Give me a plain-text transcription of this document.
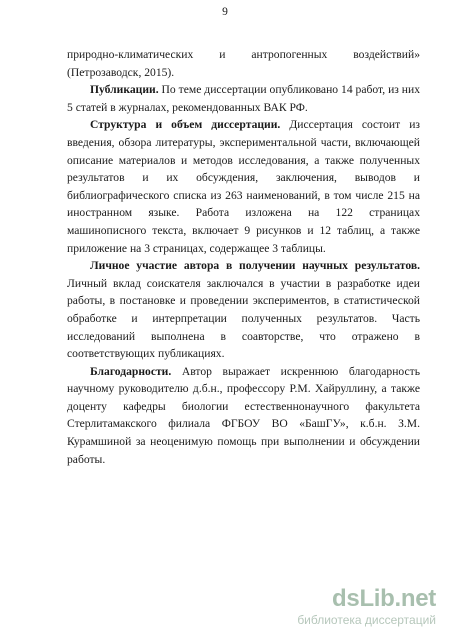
9

природно-климатических и антропогенных воздействий» (Петрозаводск, 2015).

Публикации. По теме диссертации опубликовано 14 работ, из них 5 статей в журналах, рекомендованных ВАК РФ.

Структура и объем диссертации. Диссертация состоит из введения, обзора литературы, экспериментальной части, включающей описание материалов и методов исследования, а также полученных результатов и их обсуждения, заключения, выводов и библиографического списка из 263 наименований, в том числе 215 на иностранном языке. Работа изложена на 122 страницах машинописного текста, включает 9 рисунков и 12 таблиц, а также приложение на 3 страницах, содержащее 3 таблицы.

Личное участие автора в получении научных результатов. Личный вклад соискателя заключался в участии в разработке идеи работы, в постановке и проведении экспериментов, в статистической обработке и интерпретации полученных результатов. Часть исследований выполнена в соавторстве, что отражено в соответствующих публикациях.

Благодарности. Автор выражает искреннюю благодарность научному руководителю д.б.н., профессору Р.М. Хайруллину, а также доценту кафедры биологии естественнонаучного факультета Стерлитамакского филиала ФГБОУ ВО «БашГУ», к.б.н. З.М. Курамшиной за неоценимую помощь при выполнении и обсуждении работы.

dsLib.net
библиотека диссертаций
